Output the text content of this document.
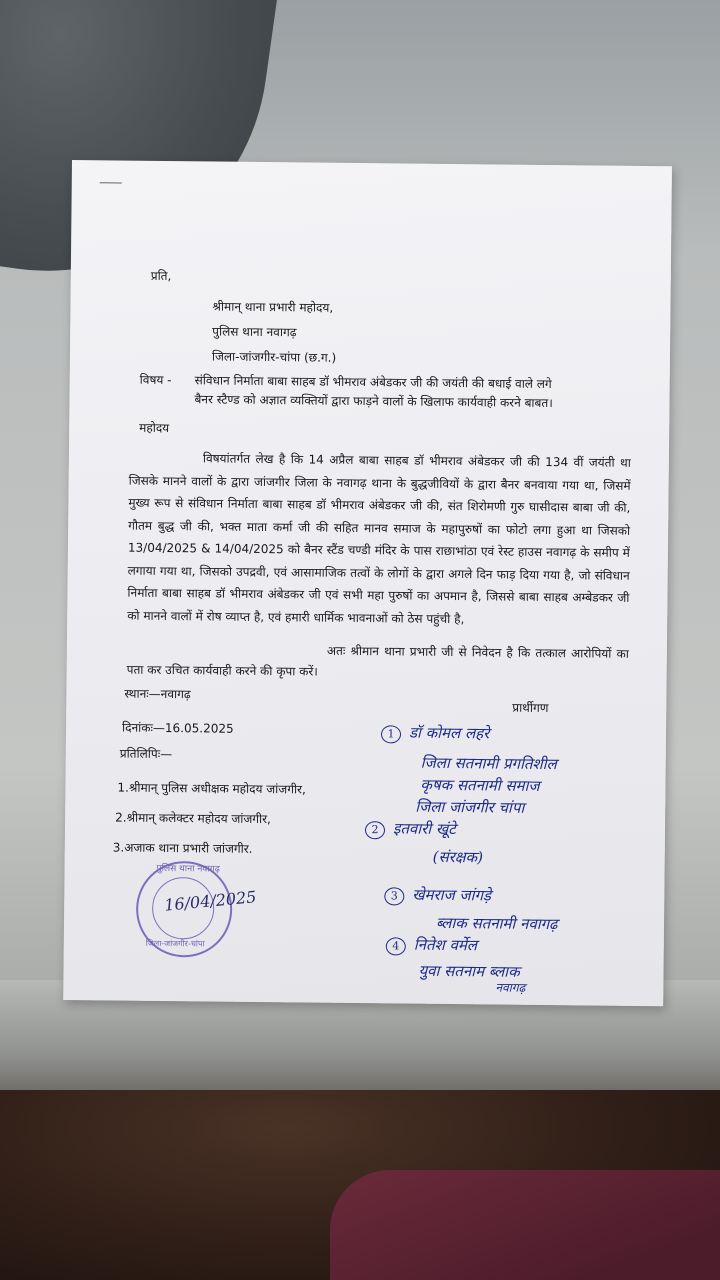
प्रति,
श्रीमान् थाना प्रभारी महोदय,
पुलिस थाना नवागढ़
जिला-जांजगीर-चांपा (छ.ग.)
विषय - संविधान निर्माता बाबा साहब डॉ भीमराव अंबेडकर जी की जयंती की बधाई वाले लगे
बैनर स्टैण्ड को अज्ञात व्यक्तियों द्वारा फाड़ने वालों के खिलाफ कार्यवाही करने बाबत।
महोदय
विषयांतर्गत लेख है कि 14 अप्रैल बाबा साहब डॉ भीमराव अंबेडकर जी की 134 वीं जयंती था जिसके मानने वालों के द्वारा जांजगीर जिला के नवागढ़ थाना के बुद्धजीवियों के द्वारा बैनर बनवाया गया था, जिसमें मुख्य रूप से संविधान निर्माता बाबा साहब डॉ भीमराव अंबेडकर जी की, संत शिरोमणी गुरु घासीदास बाबा जी की, गौतम बुद्ध जी की, भक्त माता कर्मा जी की सहित मानव समाज के महापुरुषों का फोटो लगा हुआ था जिसको 13/04/2025 & 14/04/2025 को बैनर स्टैंड चण्डी मंदिर के पास राछाभांठा एवं रेस्ट हाउस नवागढ़ के समीप में लगाया गया था, जिसको उपद्रवी, एवं आसामाजिक तत्वों के लोगों के द्वारा अगले दिन फाड़ दिया गया है, जो संविधान निर्माता बाबा साहब डॉ भीमराव अंबेडकर जी एवं सभी महा पुरुषों का अपमान है, जिससे बाबा साहब अम्बेडकर जी को मानने वालों में रोष व्याप्त है, एवं हमारी धार्मिक भावनाओं को ठेस पहुंची है,
अतः श्रीमान थाना प्रभारी जी से निवेदन है कि तत्काल आरोपियों का पता कर उचित कार्यवाही करने की कृपा करें।
स्थानः—नवागढ़
प्रार्थीगण
दिनांकः—16.05.2025
प्रतिलिपिः—
1.श्रीमान् पुलिस अधीक्षक महोदय जांजगीर,
2.श्रीमान् कलेक्टर महोदय जांजगीर,
3.अजाक थाना प्रभारी जांजगीर.
1 डॉ कोमल लहरे
जिला सतनामी प्रगतिशील
कृषक सतनामी समाज
जिला जांजगीर चांपा
2 इतवारी खूंटे
(संरक्षक)
3 खेमराज जांगड़े
ब्लाक सतनामी नवागढ़
4 नितेश वर्मेल
युवा सतनाम ब्लाक
नवागढ़
पुलिस थाना नवागढ़
जिला-जांजगीर-चांपा
16/04/2025
